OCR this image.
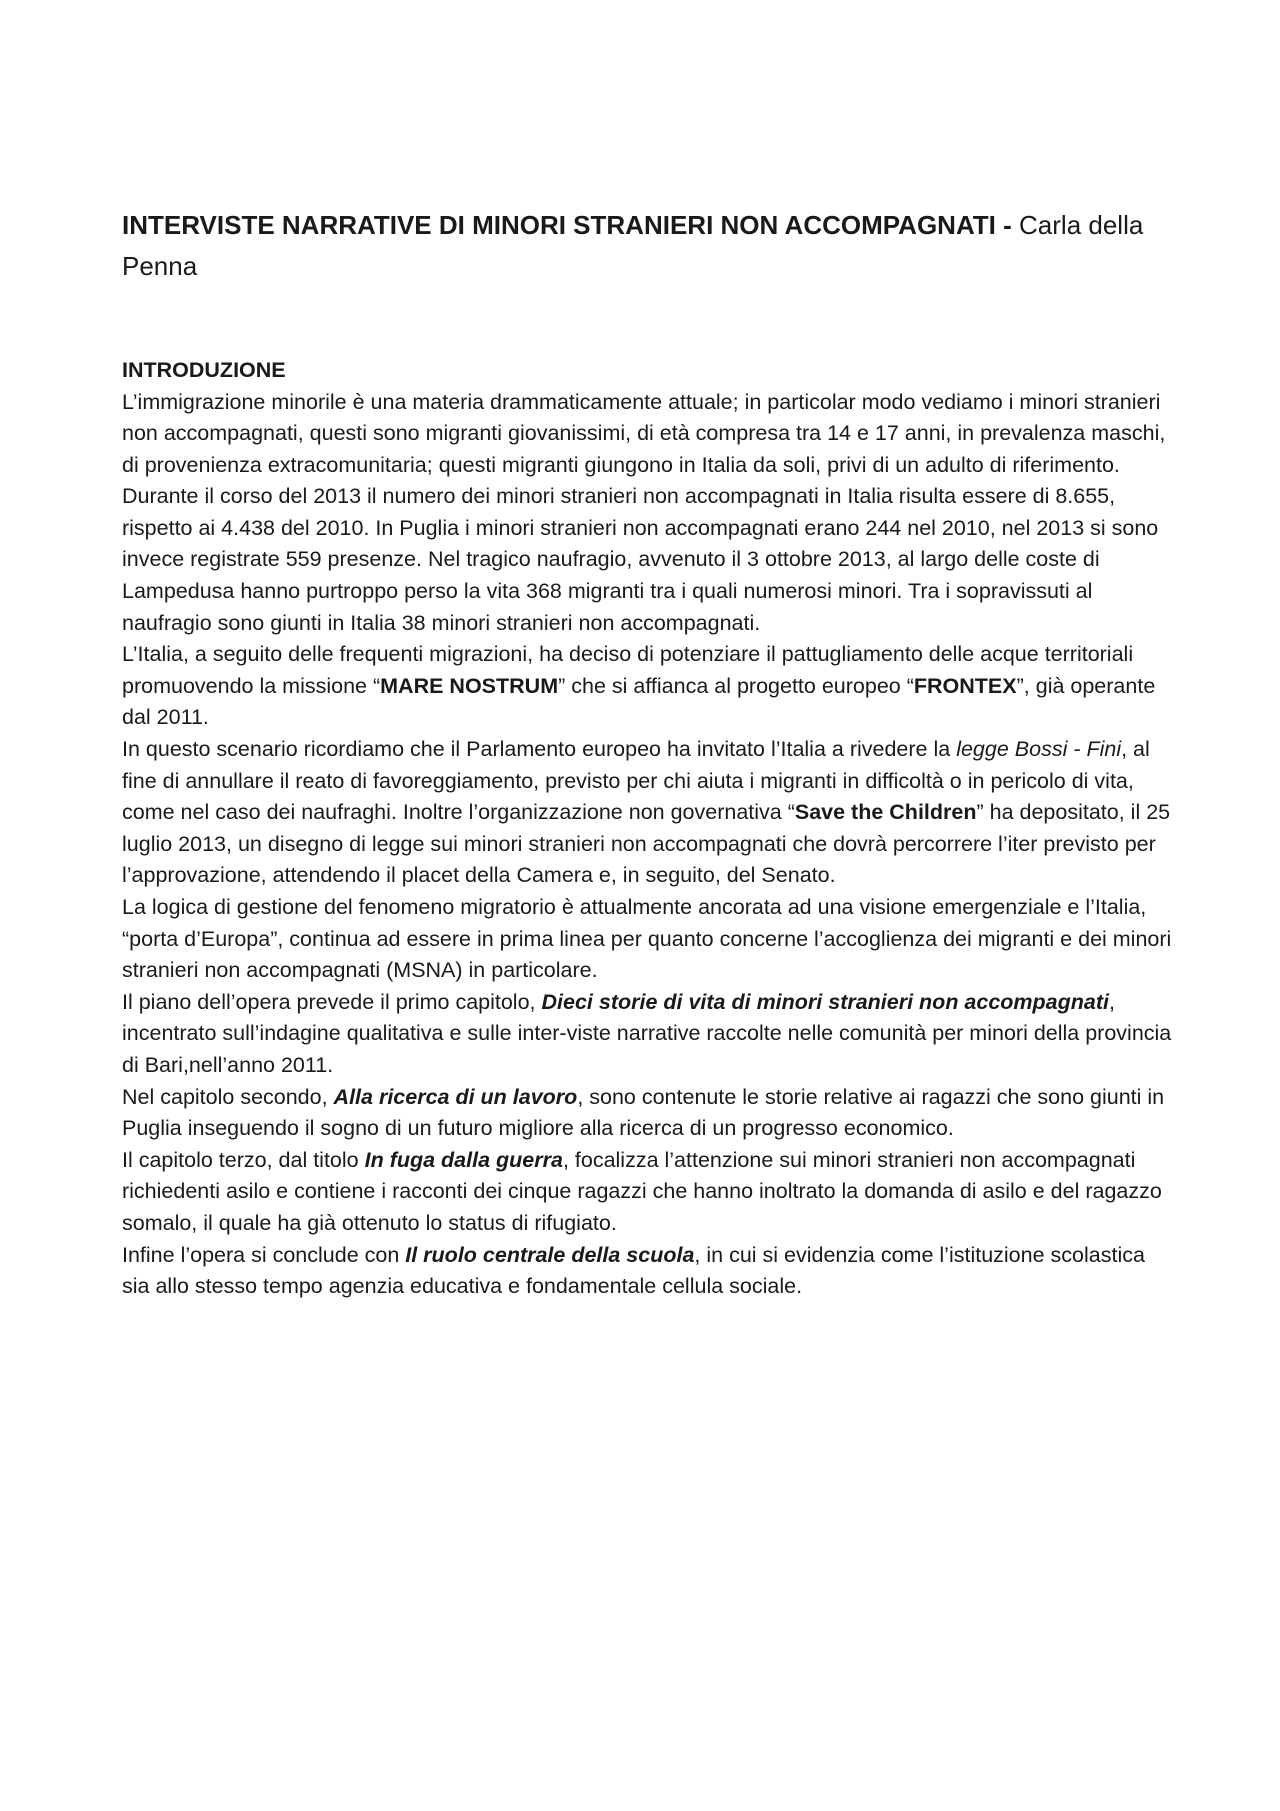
INTERVISTE NARRATIVE DI MINORI STRANIERI NON ACCOMPAGNATI - Carla della Penna
INTRODUZIONE

L’immigrazione minorile è una materia drammaticamente attuale; in particolar modo vediamo i minori stranieri non accompagnati, questi sono migranti giovanissimi, di età compresa tra 14 e 17 anni, in prevalenza maschi, di provenienza extracomunitaria; questi migranti giungono in Italia da soli, privi di un adulto di riferimento.

Durante il corso del 2013 il numero dei minori stranieri non accompagnati in Italia risulta essere di 8.655, rispetto ai 4.438 del 2010. In Puglia i minori stranieri non accompagnati erano 244 nel 2010, nel 2013 si sono invece registrate 559 presenze. Nel tragico naufragio, avvenuto il 3 ottobre 2013, al largo delle coste di Lampedusa hanno purtroppo perso la vita 368 migranti tra i quali numerosi minori. Tra i sopravissuti al naufragio sono giunti in Italia 38 minori stranieri non accompagnati.

L’Italia, a seguito delle frequenti migrazioni, ha deciso di potenziare il pattugliamento delle acque territoriali promuovendo la missione “MARE NOSTRUM” che si affianca al progetto europeo “FRONTEX”, già operante dal 2011.

In questo scenario ricordiamo che il Parlamento europeo ha invitato l’Italia a rivedere la legge Bossi - Fini, al fine di annullare il reato di favoreggiamento, previsto per chi aiuta i migranti in difficoltà o in pericolo di vita, come nel caso dei naufraghi. Inoltre l’organizzazione non governativa “Save the Children” ha depositato, il 25 luglio 2013, un disegno di legge sui minori stranieri non accompagnati che dovrà percorrere l’iter previsto per l’approvazione, attendendo il placet della Camera e, in seguito, del Senato.

La logica di gestione del fenomeno migratorio è attualmente ancorata ad una visione emergenziale e l’Italia, “porta d’Europa”, continua ad essere in prima linea per quanto concerne l’accoglienza dei migranti e dei minori stranieri non accompagnati (MSNA) in particolare.

Il piano dell’opera prevede il primo capitolo, Dieci storie di vita di minori stranieri non accompagnati, incentrato sull’indagine qualitativa e sulle inter-viste narrative raccolte nelle comunità per minori della provincia di Bari,nell’anno 2011.

Nel capitolo secondo, Alla ricerca di un lavoro, sono contenute le storie relative ai ragazzi che sono giunti in Puglia inseguendo il sogno di un futuro migliore alla ricerca di un progresso economico.

Il capitolo terzo, dal titolo In fuga dalla guerra, focalizza l’attenzione sui minori stranieri non accompagnati richiedenti asilo e contiene i racconti dei cinque ragazzi che hanno inoltrato la domanda di asilo e del ragazzo somalo, il quale ha già ottenuto lo status di rifugiato.

Infine l’opera si conclude con Il ruolo centrale della scuola, in cui si evidenzia come l’istituzione scolastica sia allo stesso tempo agenzia educativa e fondamentale cellula sociale.
